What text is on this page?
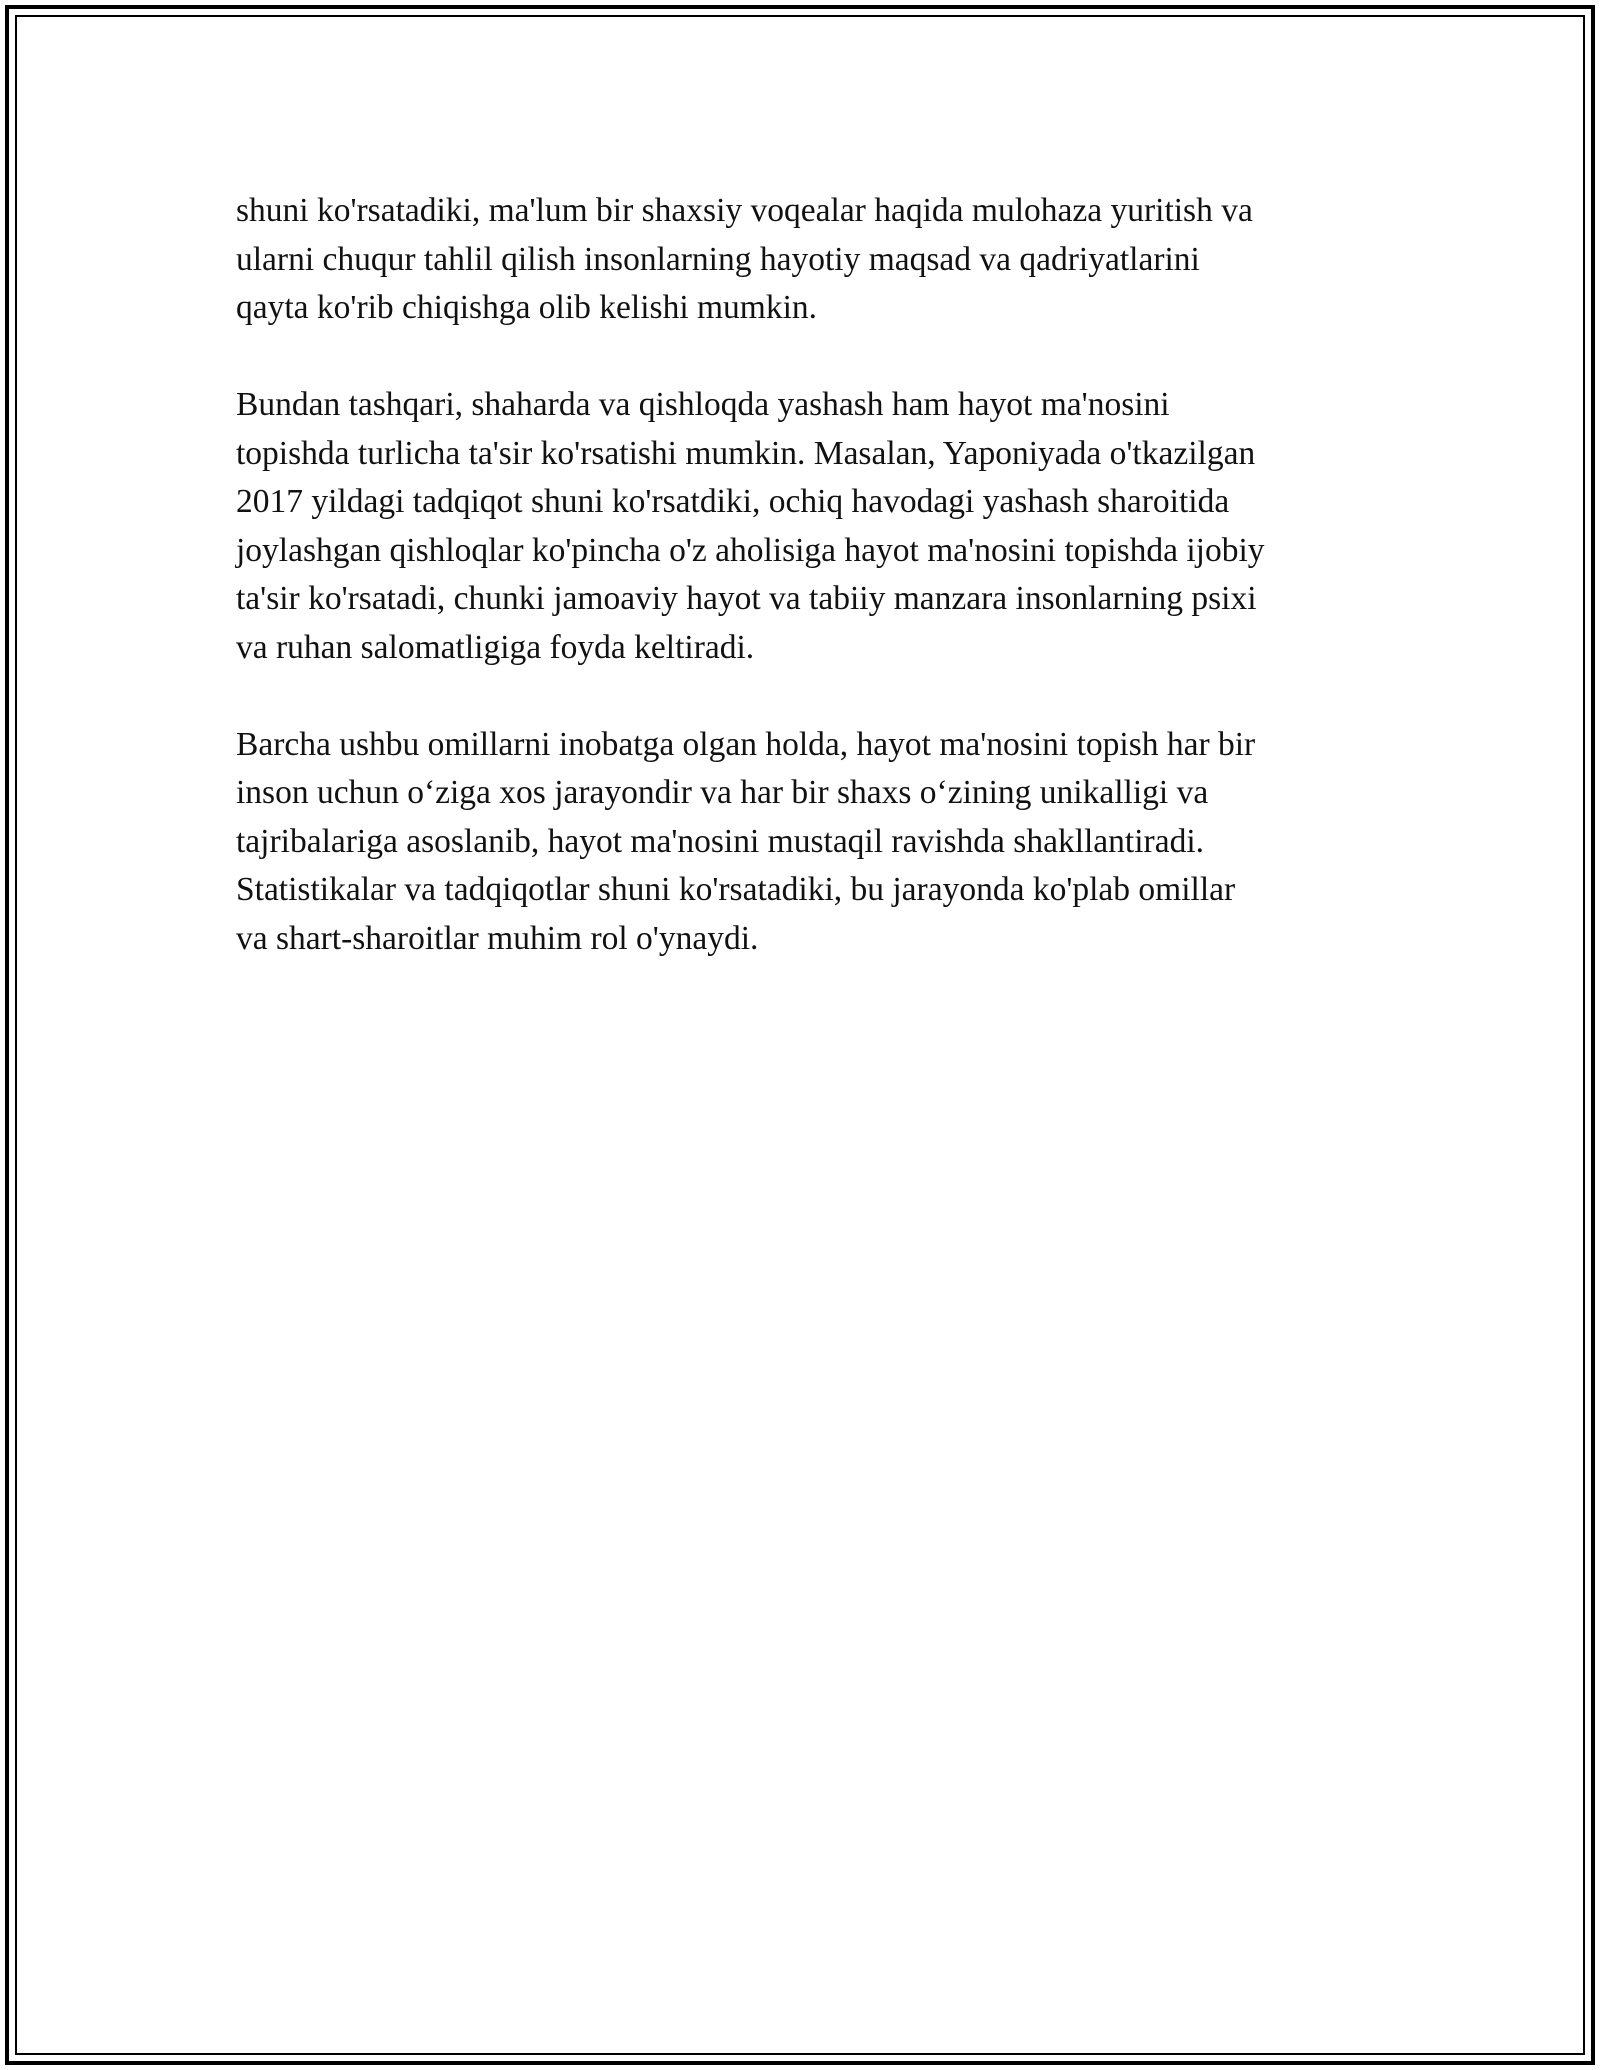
shuni ko'rsatadiki, ma'lum bir shaxsiy voqealar haqida mulohaza yuritish va
ularni chuqur tahlil qilish insonlarning hayotiy maqsad va qadriyatlarini
qayta ko'rib chiqishga olib kelishi mumkin.

Bundan tashqari, shaharda va qishloqda yashash ham hayot ma'nosini
topishda turlicha ta'sir ko'rsatishi mumkin. Masalan, Yaponiyada o'tkazilgan
2017 yildagi tadqiqot shuni ko'rsatdiki, ochiq havodagi yashash sharoitida
joylashgan qishloqlar ko'pincha o'z aholisiga hayot ma'nosini topishda ijobiy
ta'sir ko'rsatadi, chunki jamoaviy hayot va tabiiy manzara insonlarning psixi
va ruhan salomatligiga foyda keltiradi.

Barcha ushbu omillarni inobatga olgan holda, hayot ma'nosini topish har bir
inson uchun o‘ziga xos jarayondir va har bir shaxs o‘zining unikalligi va
tajribalariga asoslanib, hayot ma'nosini mustaqil ravishda shakllantiradi.
Statistikalar va tadqiqotlar shuni ko'rsatadiki, bu jarayonda ko'plab omillar
va shart-sharoitlar muhim rol o'ynaydi.
